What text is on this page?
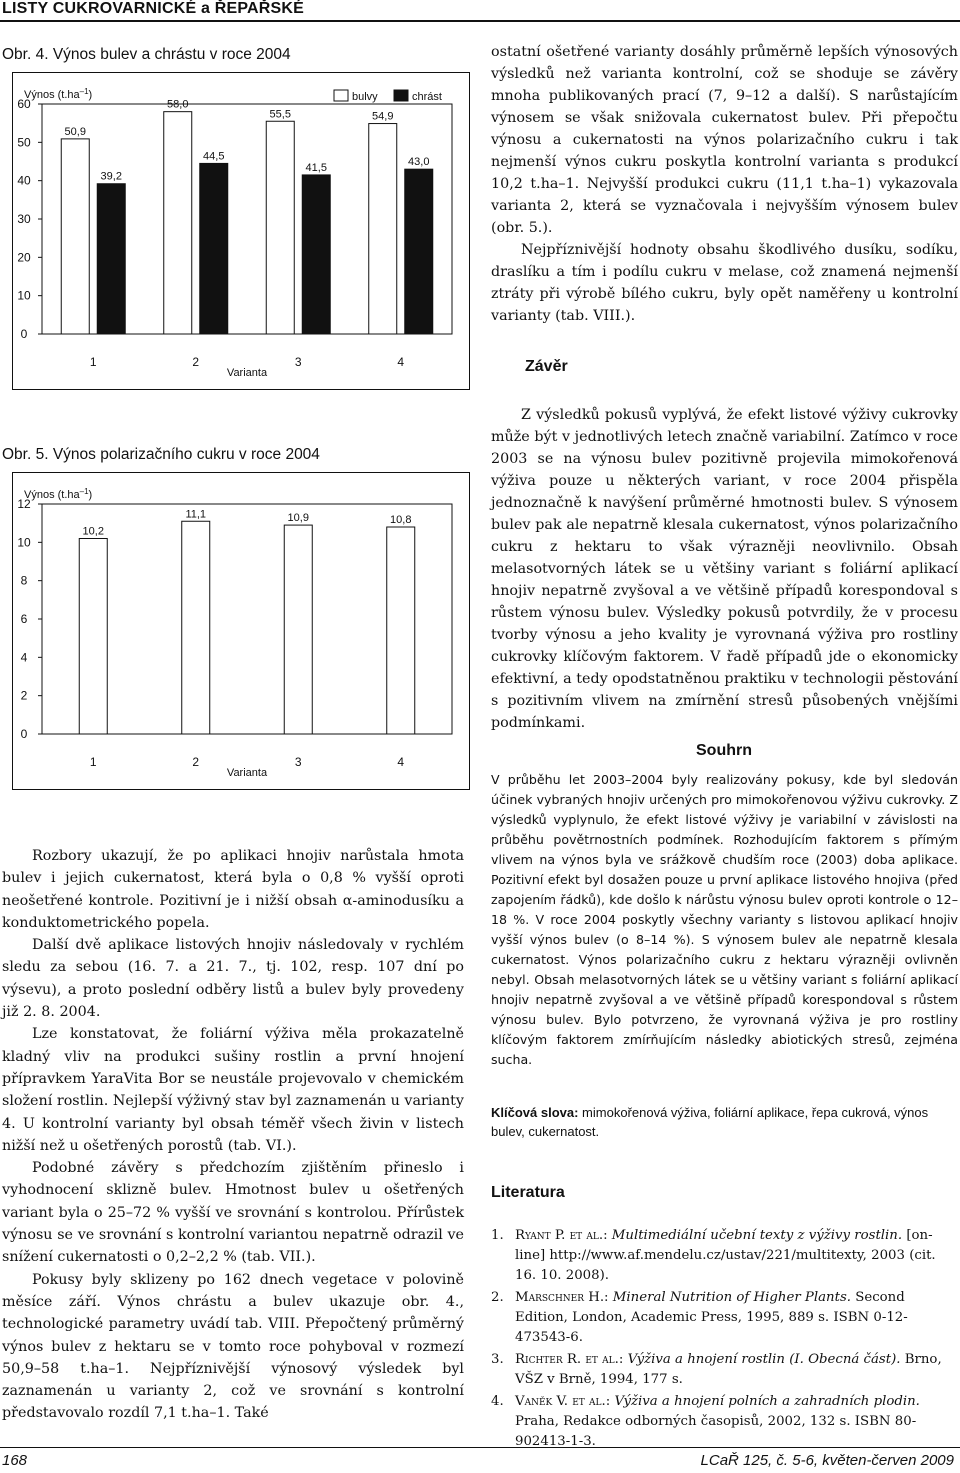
LISTY CUKROVARNICKÉ a ŘEPAŘSKÉ
Obr. 4. Výnos bulev a chrástu v roce 2004
0
10
20
30
40
50
60
Výnos $(t.ha^{-1})$
50,9
39,2
1
58,0
44,5
2
55,5
41,5
3
54,9
43,0
4
Varianta
bulvy	chrást
Obr. 5. Výnos polarizačního cukru v roce 2004
0
2
4
6
8
10
12
Výnos $(t.ha^{-1})$
10,2
1
11,1
2
10,9
3
10,8
4
Varianta

ostatní ošetřené varianty dosáhly průměrně lepších výnosových výsledků než varianta kontrolní, což se shoduje se závěry mnoha publikovaných prací (7, 9–12 a další). S narůstajícím výnosem se však snižovala cukernatost bulev. Při přepočtu výnosu a cukernatosti na výnos polarizačního cukru i tak nejmenší výnos cukru poskytla kontrolní varianta s produkcí 10,2 t.ha–1. Nejvyšší produkci cukru (11,1 t.ha–1) vykazovala varianta 2, která se vyznačovala i nejvyšším výnosem bulev (obr. 5.).

Nejpříznivější hodnoty obsahu škodlivého dusíku, sodíku, draslíku a tím i podílu cukru v melase, což znamená nejmenší ztráty při výrobě bílého cukru, byly opět naměřeny u kontrolní varianty (tab. VIII.).

Závěr

Z výsledků pokusů vyplývá, že efekt listové výživy cukrovky může být v jednotlivých letech značně variabilní. Zatímco v roce 2003 se na výnosu bulev pozitivně projevila mimokořenová výživa pouze u některých variant, v roce 2004 přispěla jednoznačně k navýšení průměrné hmotnosti bulev. S výnosem bulev pak ale nepatrně klesala cukernatost, výnos polarizačního cukru z hektaru to však výrazněji neovlivnilo. Obsah melasotvorných látek se u většiny variant s foliární aplikací hnojiv nepatrně zvyšoval a ve většině případů korespondoval s růstem výnosu bulev. Výsledky pokusů potvrdily, že v procesu tvorby výnosu a jeho kvality je vyrovnaná výživa pro rostliny cukrovky klíčovým faktorem. V řadě případů jde o ekonomicky efektivní, a tedy opodstatněnou praktiku v technologii pěstování s pozitivním vlivem na zmírnění stresů působených vnějšími podmínkami.

Rozbory ukazují, že po aplikaci hnojiv narůstala hmota bulev i jejich cukernatost, která byla o 0,8 % vyšší oproti neošetřené kontrole. Pozitivní je i nižší obsah α-aminodusíku a konduktometrického popela.

Další dvě aplikace listových hnojiv následovaly v rychlém sledu za sebou (16. 7. a 21. 7., tj. 102, resp. 107 dní po výsevu), a proto poslední odběry listů a bulev byly provedeny již 2. 8. 2004.

Lze konstatovat, že foliární výživa měla prokazatelně kladný vliv na produkci sušiny rostlin a první hnojení přípravkem YaraVita Bor se neustále projevovalo v chemickém složení rostlin. Nejlepší výživný stav byl zaznamenán u varianty 4. U kontrolní varianty byl obsah téměř všech živin v listech nižší než u ošetřených porostů (tab. VI.).

Podobné závěry s předchozím zjištěním přineslo i vyhodnocení sklizně bulev. Hmotnost bulev u ošetřených variant byla o 25–72 % vyšší ve srovnání s kontrolou. Přírůstek výnosu se ve srovnání s kontrolní variantou nepatrně odrazil ve snížení cukernatosti o 0,2–2,2 % (tab. VII.).

Pokusy byly sklizeny po 162 dnech vegetace v polovině měsíce září. Výnos chrástu a bulev ukazuje obr. 4., technologické parametry uvádí tab. VIII. Přepočtený průměrný výnos bulev z hektaru se v tomto roce pohyboval v rozmezí 50,9–58 t.ha–1. Nejpříznivější výnosový výsledek byl zaznamenán u varianty 2, což ve srovnání s kontrolní představovalo rozdíl 7,1 t.ha–1. Také

Souhrn
V průběhu let 2003–2004 byly realizovány pokusy, kde byl sledován účinek vybraných hnojiv určených pro mimokořenovou výživu cukrovky. Z výsledků vyplynulo, že efekt listové výživy je variabilní v závislosti na průběhu povětrnostních podmínek. Rozhodujícím faktorem s přímým vlivem na výnos byla ve srážkově chudším roce (2003) doba aplikace. Pozitivní efekt byl dosažen pouze u první aplikace listového hnojiva (před zapojením řádků), kde došlo k nárůstu výnosu bulev oproti kontrole o 12–18 %. V roce 2004 poskytly všechny varianty s listovou aplikací hnojiv vyšší výnos bulev (o 8–14 %). S výnosem bulev ale nepatrně klesala cukernatost. Výnos polarizačního cukru z hektaru výrazněji ovlivněn nebyl. Obsah melasotvorných látek se u většiny variant s foliární aplikací hnojiv nepatrně zvyšoval a ve většině případů korespondoval s růstem výnosu bulev. Bylo potvrzeno, že vyrovnaná výživa je pro rostliny klíčovým faktorem zmírňujícím následky abiotických stresů, zejména sucha.
Klíčová slova: mimokořenová výživa, foliární aplikace, řepa cukrová, výnos bulev, cukernatost.
Literatura
1. Ryant P. et al.: Multimediální učební texty z výživy rostlin. [on-line] http://www.af.mendelu.cz/ustav/221/multitexty, 2003 (cit. 16. 10. 2008).
2. Marschner H.: Mineral Nutrition of Higher Plants. Second Edition, London, Academic Press, 1995, 889 s. ISBN 0-12-473543-6.
3. Richter R. et al.: Výživa a hnojení rostlin (I. Obecná část). Brno, VŠZ v Brně, 1994, 177 s.
4. Vaněk V. et al.: Výživa a hnojení polních a zahradních plodin. Praha, Redakce odborných časopisů, 2002, 132 s. ISBN 80-902413-1-3.
168	LCaŘ 125, č. 5-6, květen-červen 2009
